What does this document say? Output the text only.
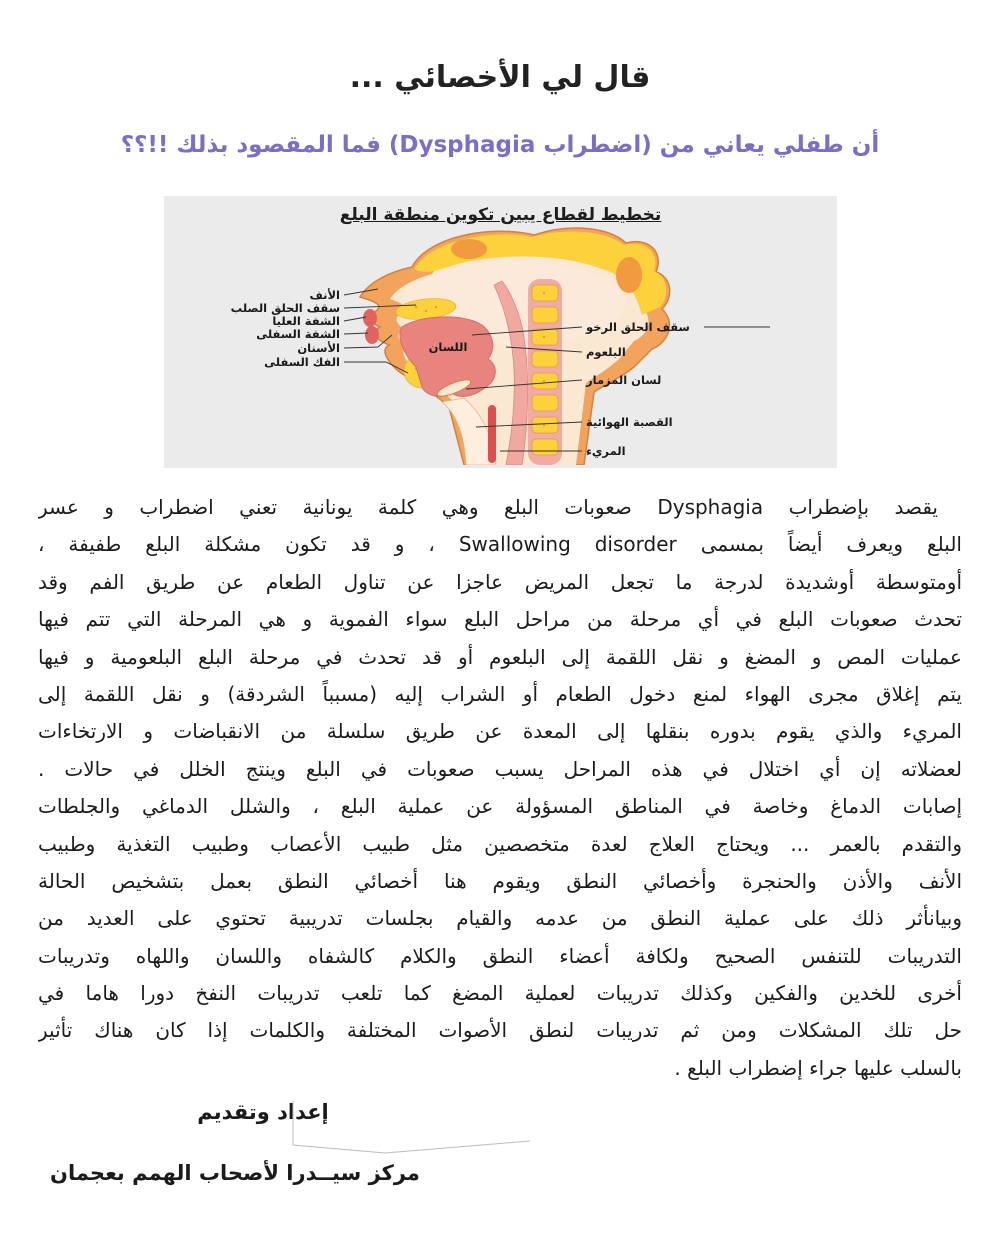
قال لي الأخصائي ...
أن طفلي يعاني من (اضطراب Dysphagia) فما المقصود بذلك !!؟؟
تخطيط لقطاع يبين تكوين منطقة البلع
اللسان
الأنف
سقف الحلق الصلب
الشفة العليا
الشفة السفلى
الأسنان
الفك السفلى
سقف الحلق الرخو
البلعوم
لسان المزمار
القصبة الهوائية
المريء
يقصد بإضطراب Dysphagia صعوبات البلع وهي كلمة يونانية تعني اضطراب و عسر
البلع ويعرف أيضاً بمسمى Swallowing disorder ، و قد تكون مشكلة البلع طفيفة ،
أومتوسطة أوشديدة لدرجة ما تجعل المريض عاجزا عن تناول الطعام عن طريق الفم وقد
تحدث صعوبات البلع في أي مرحلة من مراحل البلع سواء الفموية و هي المرحلة التي تتم فيها
عمليات المص و المضغ و نقل اللقمة إلى البلعوم أو قد تحدث في مرحلة البلع البلعومية و فيها
يتم إغلاق مجرى الهواء لمنع دخول الطعام أو الشراب إليه (مسبباً الشردقة) و نقل اللقمة إلى
المريء والذي يقوم بدوره بنقلها إلى المعدة عن طريق سلسلة من الانقباضات و الارتخاءات
لعضلاته إن أي اختلال في هذه المراحل يسبب صعوبات في البلع وينتج الخلل في حالات .
إصابات الدماغ وخاصة في المناطق المسؤولة عن عملية البلع ، والشلل الدماغي والجلطات
والتقدم بالعمر ... ويحتاج العلاج لعدة متخصصين مثل طبيب الأعصاب وطبيب التغذية وطبيب
الأنف والأذن والحنجرة وأخصائي النطق ويقوم هنا أخصائي النطق بعمل بتشخيص الحالة
وبيانأثر ذلك على عملية النطق من عدمه والقيام بجلسات تدريبية تحتوي على العديد من
التدريبات للتنفس الصحيح ولكافة أعضاء النطق والكلام كالشفاه واللسان واللهاه وتدريبات
أخرى للخدين والفكين وكذلك تدريبات لعملية المضغ كما تلعب تدريبات النفخ دورا هاما في
حل تلك المشكلات ومن ثم تدريبات لنطق الأصوات المختلفة والكلمات إذا كان هناك تأثير
بالسلب عليها جراء إضطراب البلع .
إعداد وتقديم
مركز سيــدرا لأصحاب الهمم بعجمان
